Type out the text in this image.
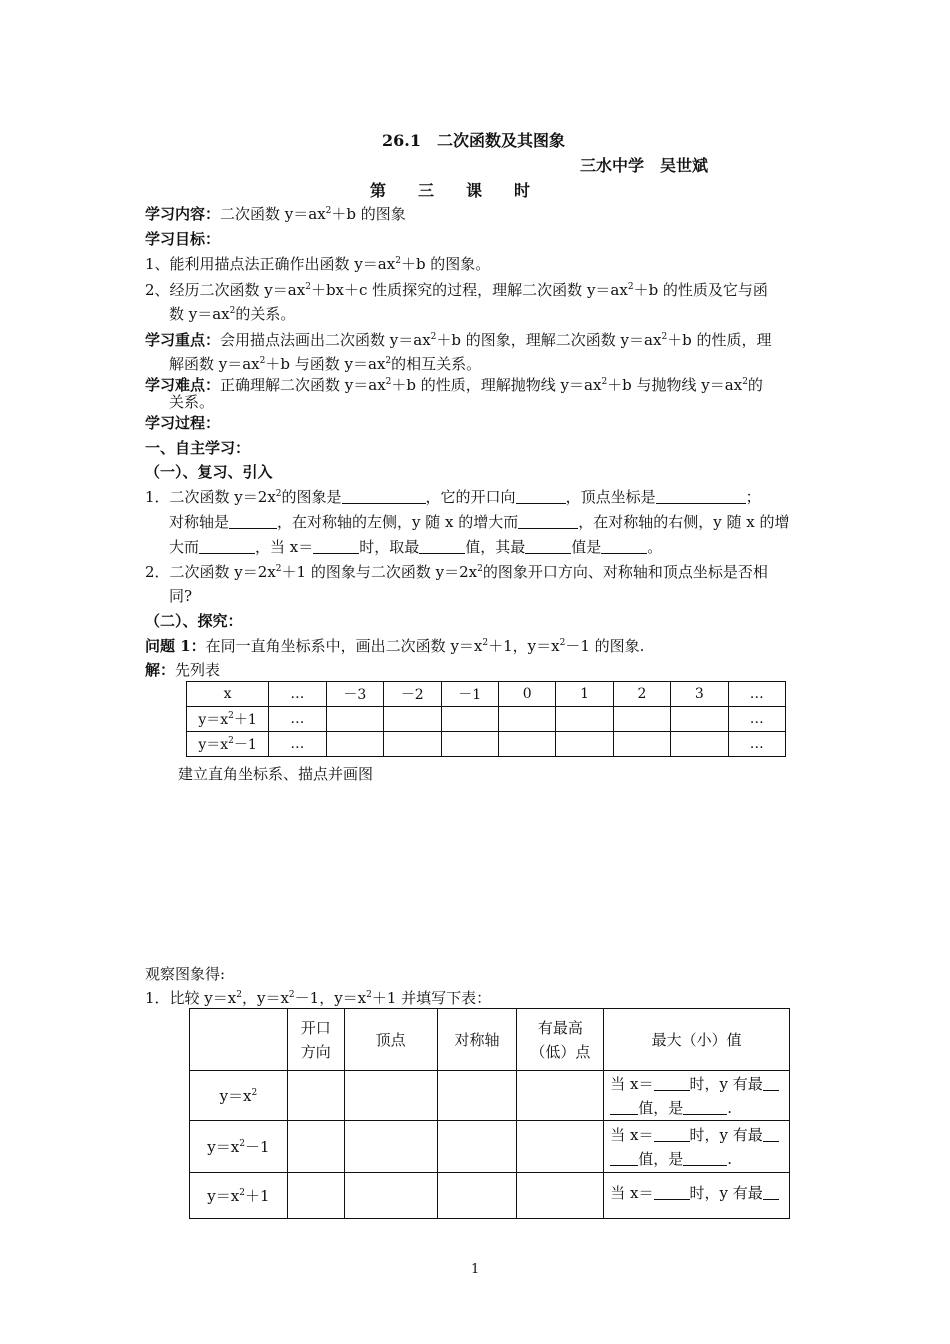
26.1　二次函数及其图象
三水中学　吴世斌
第　　三　　课　　时
学习内容：二次函数 $y=ax^2+b$ 的图象
学习目标：
1、能利用描点法正确作出函数 $y=ax^2+b$ 的图象。
2、经历二次函数 $y=ax^2+bx+c$ 性质探究的过程，理解二次函数 $y=ax^2+b$ 的性质及它与函
数 $y=ax^2$的关系。
学习重点：会用描点法画出二次函数 $y=ax^2+b$ 的图象，理解二次函数 $y=ax^2+b$ 的性质，理
解函数 $y=ax^2+b$ 与函数 $y=ax^2$的相互关系。
学习难点：正确理解二次函数 $y=ax^2+b$ 的性质，理解抛物线 $y=ax^2+b$ 与抛物线 $y=ax^2$的
关系。
学习过程：
一、自主学习：
（一）、复习、引入
1．二次函数 $y=2x^2$的图象是	，它的开口向	，顶点坐标是	；
对称轴是	，在对称轴的左侧，y 随 x 的增大而	，在对称轴的右侧，y 随 x 的增
大而	，当 x＝	时，取最	值，其最	值是	。
2．二次函数 $y=2x^2+1$ 的图象与二次函数 $y=2x^2$的图象开口方向、对称轴和顶点坐标是否相
同?
（二）、探究：
问题 1：在同一直角坐标系中，画出二次函数 $y=x^2+1$，$y=x^2-1$ 的图象.
解：先列表
x	…	－3	－2	－1	0	1	2	3	…
$y=x^2+1$	…								…
$y=x^2-1$	…								…
建立直角坐标系、描点并画图
观察图象得:
1．比较 $y=x^2$，$y=x^2-1$，$y=x^2+1$ 并填写下表：
	开口
方向	顶点	对称轴	有最高
（低）点	最大（小）值
$y=x^2$					当 x＝ 时，y 有最
值，是 .
$y=x^2-1$					当 x＝ 时，y 有最
值，是 .
$y=x^2+1$					当 x＝ 时，y 有最
1
